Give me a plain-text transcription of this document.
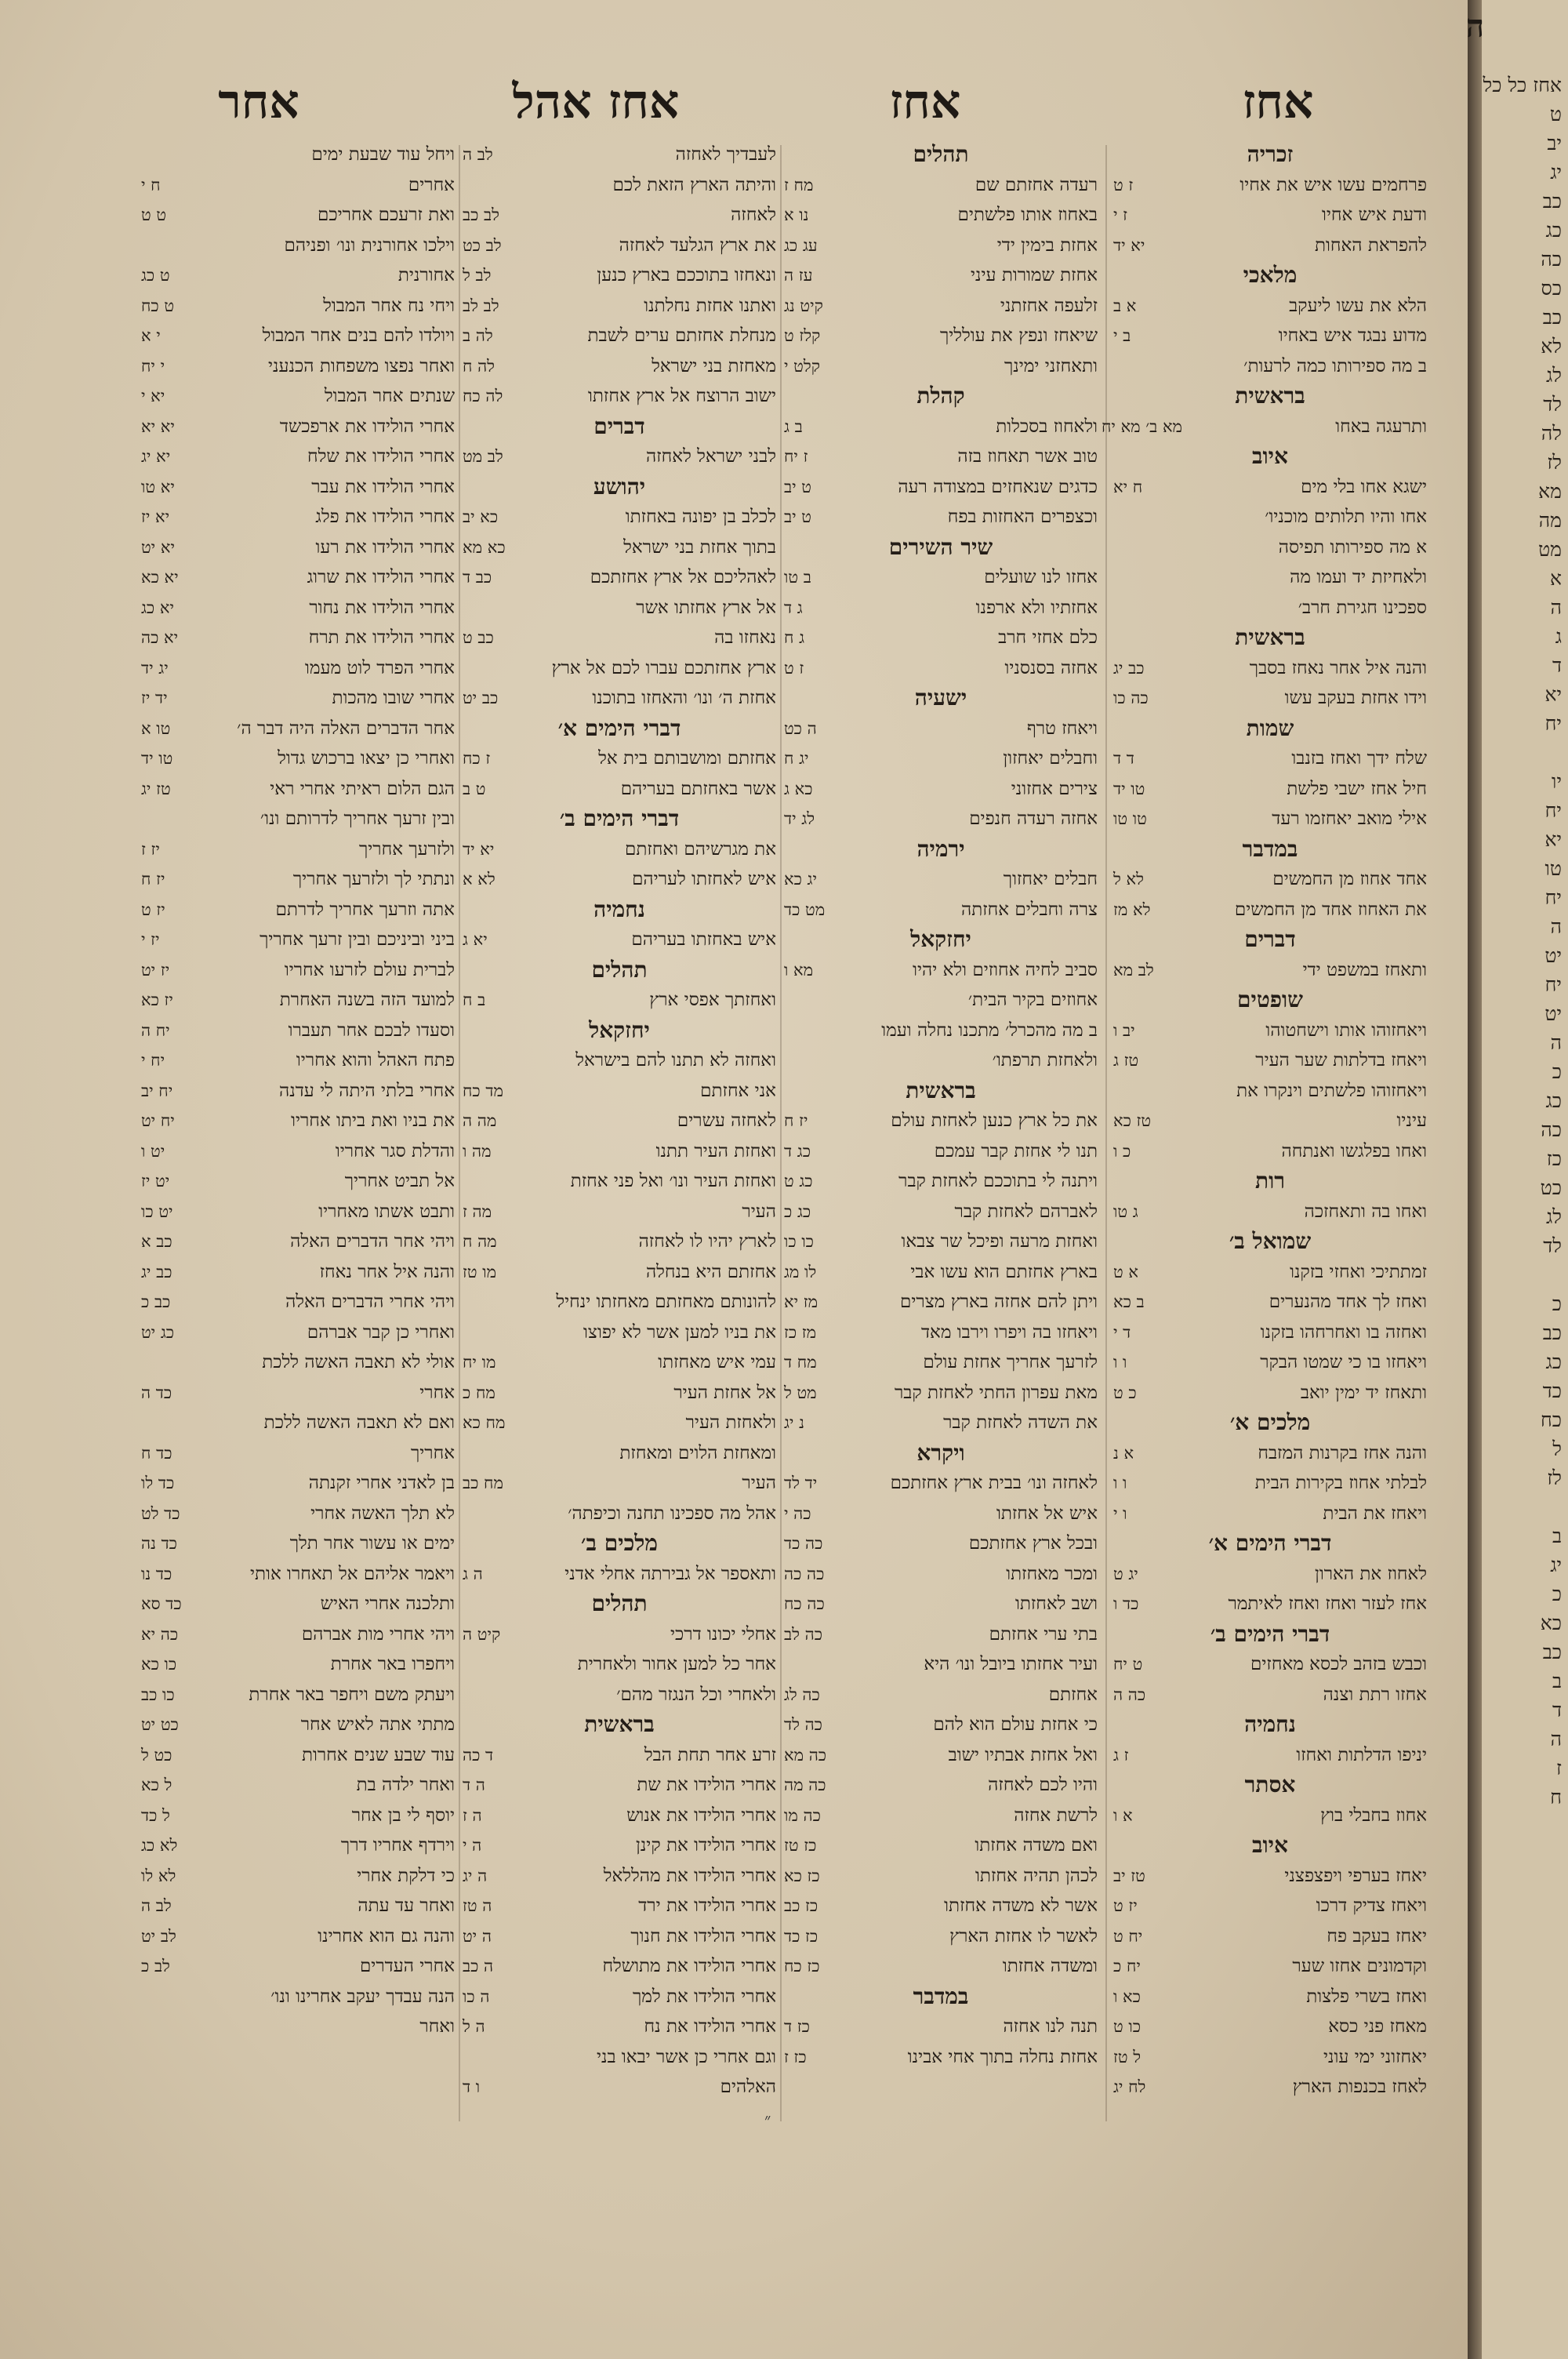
אחז
אחז
אחז אהל
אחר
זכריה
פרחמים עשו איש את אחיו
ז ט
ודעת איש אחיו
ז י
להפראת האחות
יא יד
מלאכי
הלא את עשו ליעקב
א ב
מדוע נבגד איש באחיו
ב י
ב מה ספירותו כמה לרעות׳
בראשית
ותרעגה באחו
מא ב׳ מא יח
איוב
ישגא אחו בלי מים
ח יא
אחו והיו תלותים מוכניו׳
א מה ספירותו תפיסה
ולאחיזת יד ועמו מה
ספכינו חגירת חרב׳
בראשית
והנה איל אחר נאחז בסבך
כב יג
וידו אחזת בעקב עשו
כה כו
שמות
שלח ידך ואחז בזנבו
ד ד
חיל אחז ישבי פלשת
טו יד
אילי מואב יאחזמו רעד
טו טו
במדבר
אחד אחוז מן החמשים
לא ל
את האחוז אחד מן החמשים
לא מז
דברים
ותאחז במשפט ידי
לב מא
שופטים
ויאחזוהו אותו וישחטוהו
יב ו
ויאחז בדלתות שער העיר
טז ג
ויאחזוהו פלשתים וינקרו את
עיניו
טז כא
ואחו בפלגשו ואנתחה
כ ו
רות
ואחו בה ותאחזכה
ג טו
שמואל ב׳
זמתתיכי ואחזי בזקנו
א ט
ואחז לך אחד מהנערים
ב כא
ואחזה בו ואחרחהו בזקנו
ד י
ויאחזו בו כי שמטו הבקר
ו ו
ותאחז יד ימין יואב
כ ט
מלכים א׳
והנה אחז בקרנות המזבח
א נ
לבלתי אחוז בקירות הבית
ו ו
ויאחז את הבית
ו י
דברי הימים א׳
לאחוז את הארון
יג ט
אחז לעזר ואחז ואחז לאיתמר
כד ו
דברי הימים ב׳
וכבש בזהב לכסא מאחזים
ט יח
אחזו רתת וצנה
כה ה
נחמיה
יניפו הדלתות ואחזו
ז ג
אסתר
אחוז בחבלי בוץ
א ו
איוב
יאחז בערפי ויפצפצני
טז יב
ויאחז צדיק דרכו
יז ט
יאחז בעקב פח
יח ט
וקדמונים אחזו שער
יח כ
ואחז בשרי פלצות
כא ו
מאחז פני כסא
כו ט
יאחזוני ימי עוני
ל טז
לאחז בכנפות הארץ
לח יג
תהלים
רעדה אחזתם שם
מח ז
באחוז אותו פלשתים
נו א
אחזת בימין ידי
עג כג
אחזת שמורות עיני
עז ה
זלעפה אחזתני
קיט נג
שיאחז ונפץ את עולליך
קלז ט
ותאחזני ימינך
קלט י
קהלת
ולאחוז בסכלות
ב ג
טוב אשר תאחוז בזה
ז יח
כדגים שנאחזים במצודה רעה
ט יב
וכצפרים האחזות בפח
ט יב
שיר השירים
אחזו לנו שועלים
ב טו
אחזתיו ולא ארפנו
ג ד
כלם אחזי חרב
ג ח
אחזה בסנסניו
ז ט
ישעיה
ויאחז טרף
ה כט
וחבלים יאחזון
יג ח
צירים אחזוני
כא ג
אחזה רעדה חנפים
לג יד
ירמיה
חבלים יאחזוך
יג כא
צרה וחבלים אחזתה
מט כד
יחזקאל
סביב לחיה אחוזים ולא יהיו
מא ו
אחוזים בקיר הבית׳
ב מה מהכרל׳ מתכנו נחלה ועמו
ולאחזת תרפתו׳
בראשית
את כל ארץ כנען לאחזת עולם
יז ח
תנו לי אחזת קבר עמכם
כג ד
ויתנה לי בתוככם לאחזת קבר
כג ט
לאברהם לאחזת קבר
כג כ
ואחזת מרעה ופיכל שר צבאו
כו כו
בארץ אחזתם הוא עשו אבי
לו מג
ויתן להם אחזה בארץ מצרים
מז יא
ויאחזו בה ויפרו וירבו מאד
מז כז
לזרעך אחריך אחזת עולם
מח ד
מאת עפרון החתי לאחזת קבר
מט ל
את השדה לאחזת קבר
נ יג
ויקרא
לאחזה ונו׳ בבית ארץ אחזתכם
יד לד
איש אל אחזתו
כה י
ובכל ארץ אחזתכם
כה כד
ומכר מאחזתו
כה כה
ושב לאחזתו
כה כח
בתי ערי אחזתם
כה לב
ועיר אחזתו ביובל ונו׳ היא
אחזתם
כה לג
כי אחזת עולם הוא להם
כה לד
ואל אחזת אבתיו ישוב
כה מא
והיו לכם לאחזה
כה מה
לרשת אחזה
כה מו
ואם משדה אחזתו
כז טז
לכהן תהיה אחזתו
כז כא
אשר לא משדה אחזתו
כז כב
לאשר לו אחזת הארץ
כז כד
ומשדה אחזתו
כז כח
במדבר
תנה לנו אחזה
כז ד
אחזת נחלה בתוך אחי אבינו
כז ז
לעבדיך לאחזה
לב ה
והיתה הארץ הזאת לכם
לאחזה
לב כב
את ארץ הגלעד לאחזה
לב כט
ונאחזו בתוככם בארץ כנען
לב ל
ואתנו אחזת נחלתנו
לב לב
מנחלת אחזתם ערים לשבת
לה ב
מאחזת בני ישראל
לה ח
ישוב הרוצח אל ארץ אחזתו
לה כח
דברים
לבני ישראל לאחזה
לב מט
יהושע
לכלב בן יפונה באחזתו
כא יב
בתוך אחזת בני ישראל
כא מא
לאהליכם אל ארץ אחזתכם
כב ד
אל ארץ אחזתו אשר
נאחזו בה
כב ט
ארץ אחזתכם עברו לכם אל ארץ
אחזת ה׳ ונו׳ והאחזו בתוכנו
כב יט
דברי הימים א׳
אחזתם ומושבותם בית אל
ז כח
אשר באחזתם בעריהם
ט ב
דברי הימים ב׳
את מגרשיהם ואחזתם
יא יד
איש לאחזתו לעריהם
לא א
נחמיה
איש באחזתו בעריהם
יא ג
תהלים
ואחזתך אפסי ארץ
ב ח
יחזקאל
ואחזה לא תתנו להם בישראל
אני אחזתם
מד כח
לאחזה עשרים
מה ה
ואחזת העיר תתנו
מה ו
ואחזת העיר ונו׳ ואל פני אחזת
העיר
מה ז
לארץ יהיו לו לאחזה
מה ח
אחזתם היא בנחלה
מו טז
להונותם מאחזתם מאחזתו ינחיל
את בניו למען אשר לא יפוצו
עמי איש מאחזתו
מו יח
אל אחזת העיר
מח כ
ולאחזת העיר
מח כא
ומאחזת הלוים ומאחזת
העיר
מח כב
אהל מה ספכינו תחנה וכיפתה׳
מלכים ב׳
ותאספר אל גבירתה אחלי אדני
ה ג
תהלים
אחלי יכונו דרכי
קיט ה
אחר כל למען אחור ולאחרית
ולאחרי וכל הנגזר מהם׳
בראשית
זרע אחר תחת הבל
ד כה
אחרי הולידו את שת
ה ד
אחרי הולידו את אנוש
ה ז
אחרי הולידו את קינן
ה י
אחרי הולידו את מהללאל
ה יג
אחרי הולידו את ירד
ה טז
אחרי הולידו את חנוך
ה יט
אחרי הולידו את מתושלח
ה כב
אחרי הולידו את למך
ה כו
אחרי הולידו את נח
ה ל
וגם אחרי כן אשר יבאו בני
האלהים
ו ד
ויחל עוד שבעת ימים
אחרים
ח י
ואת זרעכם אחריכם
ט ט
וילכו אחורנית ונו׳ ופניהם
אחורנית
ט כג
ויחי נח אחר המבול
ט כח
ויולדו להם בנים אחר המבול
י א
ואחר נפצו משפחות הכנעני
י יח
שנתים אחר המבול
יא י
אחרי הולידו את ארפכשד
יא יא
אחרי הולידו את שלח
יא יג
אחרי הולידו את עבר
יא טו
אחרי הולידו את פלג
יא יז
אחרי הולידו את רעו
יא יט
אחרי הולידו את שרוג
יא כא
אחרי הולידו את נחור
יא כג
אחרי הולידו את תרח
יא כה
אחרי הפרד לוט מעמו
יג יד
אחרי שובו מהכות
יד יז
אחר הדברים האלה היה דבר ה׳
טו א
ואחרי כן יצאו ברכוש גדול
טו יד
הגם הלום ראיתי אחרי ראי
טז יג
ובין זרעך אחריך לדרותם ונו׳
ולזרעך אחריך
יז ז
ונתתי לך ולזרעך אחריך
יז ח
אתה וזרעך אחריך לדרתם
יז ט
ביני וביניכם ובין זרעך אחריך
יז י
לברית עולם לזרעו אחריו
יז יט
למועד הזה בשנה האחרת
יז כא
וסעדו לבכם אחר תעברו
יח ה
פתח האהל והוא אחריו
יח י
אחרי בלתי היתה לי עדנה
יח יב
את בניו ואת ביתו אחריו
יח יט
והדלת סגר אחריו
יט ו
אל תביט אחריך
יט יז
ותבט אשתו מאחריו
יט כו
ויהי אחר הדברים האלה
כב א
והנה איל אחר נאחז
כב יג
ויהי אחרי הדברים האלה
כב כ
ואחרי כן קבר אברהם
כג יט
אולי לא תאבה האשה ללכת
אחרי
כד ה
ואם לא תאבה האשה ללכת
אחריך
כד ח
בן לאדני אחרי זקנתה
כד לו
לא תלך האשה אחרי
כד לט
ימים או עשור אחר תלך
כד נה
ויאמר אליהם אל תאחרו אותי
כד נו
ותלכנה אחרי האיש
כד סא
ויהי אחרי מות אברהם
כה יא
ויחפרו באר אחרת
כו כא
ויעתק משם ויחפר באר אחרת
כו כב
מתתי אתה לאיש אחר
כט יט
עוד שבע שנים אחרות
כט ל
ואחר ילדה בת
ל כא
יוסף לי בן אחר
ל כד
וירדף אחריו דרך
לא כג
כי דלקת אחרי
לא לו
ואחר עד עתה
לב ה
והנה גם הוא אחרינו
לב יט
אחרי העדרים
לב כ
הנה עבדך יעקב אחרינו ונו׳
ואחר
״
אחז כל כל
ט
יב
יג
כב
כג
כה
כס
כב
לא
לג
לד
לה
לז
מא
מה
מט
א
ה
ג
ד
יא
יח

יו
יח
יא
טו
יח
ה
יט
יח
יט
ה
כ
כג
כה
כז
כט
לג
לד

כ
כב
כג
כד
כח
ל
לז

ב
יג
כ
כא
כב
ב
ד
ה
ז
ח
ה
